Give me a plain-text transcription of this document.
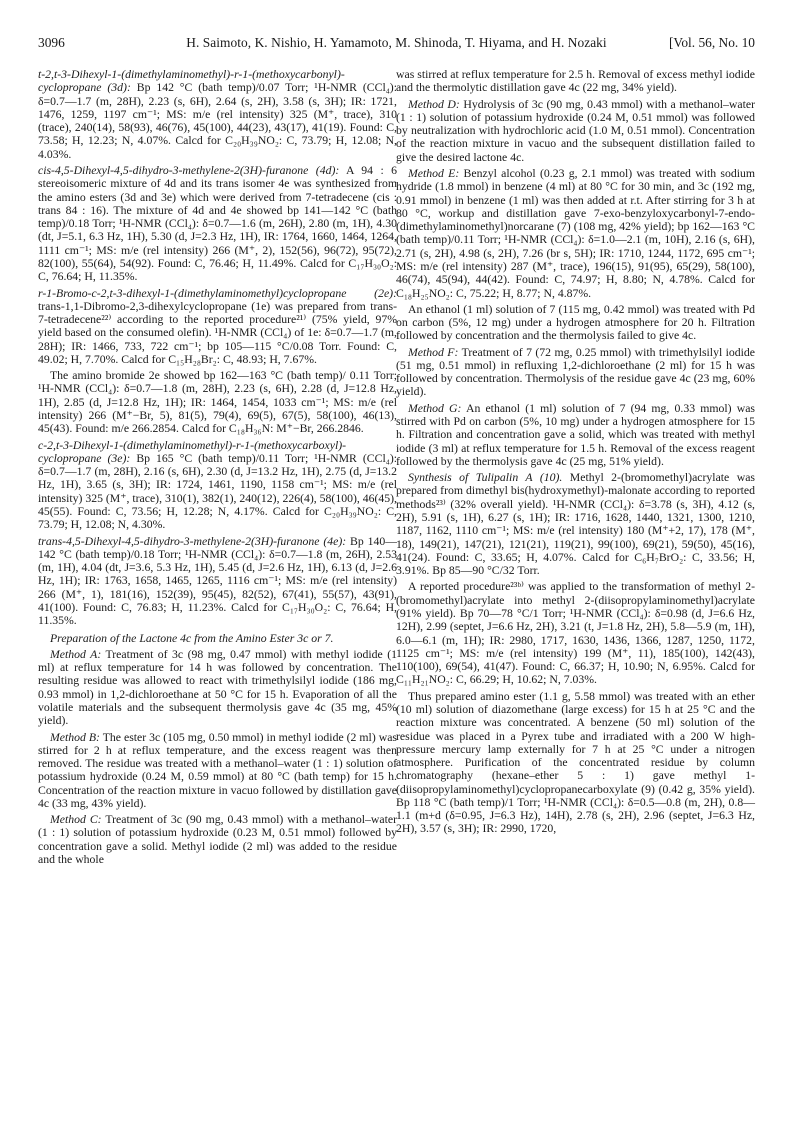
3096	H. Saimoto, K. Nishio, H. Yamamoto, M. Shinoda, T. Hiyama, and H. Nozaki	[Vol. 56, No. 10

t-2,t-3-Dihexyl-1-(dimethylaminomethyl)-r-1-(methoxycarbonyl)-cyclopropane (3d): Bp 142 °C (bath temp)/0.07 Torr; ¹H-NMR (CCl₄): δ=0.7—1.7 (m, 28H), 2.23 (s, 6H), 2.64 (s, 2H), 3.58 (s, 3H); IR: 1721, 1476, 1259, 1197 cm⁻¹; MS: m/e (rel intensity) 325 (M⁺, trace), 310 (trace), 240(14), 58(93), 46(76), 45(100), 44(23), 43(17), 41(19). Found: C, 73.58; H, 12.23; N, 4.07%. Calcd for C₂₀H₃₉NO₂: C, 73.79; H, 12.08; N, 4.03%.

cis-4,5-Dihexyl-4,5-dihydro-3-methylene-2(3H)-furanone (4d): A 94 : 6 stereoisomeric mixture of 4d and its trans isomer 4e was synthesized from the amino esters (3d and 3e) which were derived from 7-tetradecene (cis : trans 84 : 16). The mixture of 4d and 4e showed bp 141—142 °C (bath temp)/0.18 Torr; ¹H-NMR (CCl₄): δ=0.7—1.6 (m, 26H), 2.80 (m, 1H), 4.30 (dt, J=5.1, 6.3 Hz, 1H), 5.30 (d, J=2.3 Hz, 1H), IR: 1764, 1660, 1464, 1264, 1111 cm⁻¹; MS: m/e (rel intensity) 266 (M⁺, 2), 152(56), 96(72), 95(72), 82(100), 55(64), 54(92). Found: C, 76.46; H, 11.49%. Calcd for C₁₇H₃₀O₂: C, 76.64; H, 11.35%.

r-1-Bromo-c-2,t-3-dihexyl-1-(dimethylaminomethyl)cyclopropane (2e): trans-1,1-Dibromo-2,3-dihexylcyclopropane (1e) was prepared from trans-7-tetradecene²²⁾ according to the reported procedure²¹⁾ (75% yield, 97% yield based on the consumed olefin). ¹H-NMR (CCl₄) of 1e: δ=0.7—1.7 (m, 28H); IR: 1466, 733, 722 cm⁻¹; bp 105—115 °C/0.08 Torr. Found: C, 49.02; H, 7.70%. Calcd for C₁₅H₂₈Br₂: C, 48.93; H, 7.67%.

The amino bromide 2e showed bp 162—163 °C (bath temp)/ 0.11 Torr; ¹H-NMR (CCl₄): δ=0.7—1.8 (m, 28H), 2.23 (s, 6H), 2.28 (d, J=12.8 Hz, 1H), 2.85 (d, J=12.8 Hz, 1H); IR: 1464, 1454, 1033 cm⁻¹; MS: m/e (rel intensity) 266 (M⁺−Br, 5), 81(5), 79(4), 69(5), 67(5), 58(100), 46(13), 45(43). Found: m/e 266.2854. Calcd for C₁₈H₃₆N: M⁺−Br, 266.2846.

c-2,t-3-Dihexyl-1-(dimethylaminomethyl)-r-1-(methoxycarboxyl)-cyclopropane (3e): Bp 165 °C (bath temp)/0.11 Torr; ¹H-NMR (CCl₄): δ=0.7—1.7 (m, 28H), 2.16 (s, 6H), 2.30 (d, J=13.2 Hz, 1H), 2.75 (d, J=13.2 Hz, 1H), 3.65 (s, 3H); IR: 1724, 1461, 1190, 1158 cm⁻¹; MS: m/e (rel intensity) 325 (M⁺, trace), 310(1), 382(1), 240(12), 226(4), 58(100), 46(45), 45(55). Found: C, 73.56; H, 12.28; N, 4.17%. Calcd for C₂₀H₃₉NO₂: C, 73.79; H, 12.08; N, 4.30%.

trans-4,5-Dihexyl-4,5-dihydro-3-methylene-2(3H)-furanone (4e): Bp 140—142 °C (bath temp)/0.18 Torr; ¹H-NMR (CCl₄): δ=0.7—1.8 (m, 26H), 2.53 (m, 1H), 4.04 (dt, J=3.6, 5.3 Hz, 1H), 5.45 (d, J=2.6 Hz, 1H), 6.13 (d, J=2.6 Hz, 1H); IR: 1763, 1658, 1465, 1265, 1116 cm⁻¹; MS: m/e (rel intensity) 266 (M⁺, 1), 181(16), 152(39), 95(45), 82(52), 67(41), 55(57), 43(91), 41(100). Found: C, 76.83; H, 11.23%. Calcd for C₁₇H₃₀O₂: C, 76.64; H, 11.35%.

Preparation of the Lactone 4c from the Amino Ester 3c or 7.

Method A: Treatment of 3c (98 mg, 0.47 mmol) with methyl iodide (1 ml) at reflux temperature for 14 h was followed by concentration. The resulting residue was allowed to react with trimethylsilyl iodide (186 mg, 0.93 mmol) in 1,2-dichloroethane at 50 °C for 15 h. Evaporation of all the volatile materials and the subsequent thermolysis gave 4c (35 mg, 45% yield).

Method B: The ester 3c (105 mg, 0.50 mmol) in methyl iodide (2 ml) was stirred for 2 h at reflux temperature, and the excess reagent was then removed. The residue was treated with a methanol–water (1 : 1) solution of potassium hydroxide (0.24 M, 0.59 mmol) at 80 °C (bath temp) for 15 h. Concentration of the reaction mixture in vacuo followed by distillation gave 4c (33 mg, 43% yield).

Method C: Treatment of 3c (90 mg, 0.43 mmol) with a methanol–water (1 : 1) solution of potassium hydroxide (0.23 M, 0.51 mmol) followed by concentration gave a solid. Methyl iodide (2 ml) was added to the residue and the whole

was stirred at reflux temperature for 2.5 h. Removal of excess methyl iodide and the thermolytic distillation gave 4c (22 mg, 34% yield).

Method D: Hydrolysis of 3c (90 mg, 0.43 mmol) with a methanol–water (1 : 1) solution of potassium hydroxide (0.24 M, 0.51 mmol) was followed by neutralization with hydrochloric acid (1.0 M, 0.51 mmol). Concentration of the reaction mixture in vacuo and the subsequent distillation failed to give the desired lactone 4c.

Method E: Benzyl alcohol (0.23 g, 2.1 mmol) was treated with sodium hydride (1.8 mmol) in benzene (4 ml) at 80 °C for 30 min, and 3c (192 mg, 0.91 mmol) in benzene (1 ml) was then added at r.t. After stirring for 3 h at 80 °C, workup and distillation gave 7-exo-benzyloxycarbonyl-7-endo-(dimethylaminomethyl)norcarane (7) (108 mg, 42% yield); bp 162—163 °C (bath temp)/0.11 Torr; ¹H-NMR (CCl₄): δ=1.0—2.1 (m, 10H), 2.16 (s, 6H), 2.71 (s, 2H), 4.98 (s, 2H), 7.26 (br s, 5H); IR: 1710, 1244, 1172, 695 cm⁻¹; MS: m/e (rel intensity) 287 (M⁺, trace), 196(15), 91(95), 65(29), 58(100), 46(74), 45(94), 44(42). Found: C, 74.97; H, 8.80; N, 4.78%. Calcd for C₁₈H₂₅NO₂: C, 75.22; H, 8.77; N, 4.87%.

An ethanol (1 ml) solution of 7 (115 mg, 0.42 mmol) was treated with Pd on carbon (5%, 12 mg) under a hydrogen atmosphere for 20 h. Filtration followed by concentration and the thermolysis failed to give 4c.

Method F: Treatment of 7 (72 mg, 0.25 mmol) with trimethylsilyl iodide (51 mg, 0.51 mmol) in refluxing 1,2-dichloroethane (2 ml) for 15 h was followed by concentration. Thermolysis of the residue gave 4c (23 mg, 60% yield).

Method G: An ethanol (1 ml) solution of 7 (94 mg, 0.33 mmol) was stirred with Pd on carbon (5%, 10 mg) under a hydrogen atmosphere for 15 h. Filtration and concentration gave a solid, which was treated with methyl iodide (3 ml) at reflux temperature for 1.5 h. Removal of the excess reagent followed by the thermolysis gave 4c (25 mg, 51% yield).

Synthesis of Tulipalin A (10). Methyl 2-(bromomethyl)acrylate was prepared from dimethyl bis(hydroxymethyl)-malonate according to reported methods²³⁾ (32% overall yield). ¹H-NMR (CCl₄): δ=3.78 (s, 3H), 4.12 (s, 2H), 5.91 (s, 1H), 6.27 (s, 1H); IR: 1716, 1628, 1440, 1321, 1300, 1210, 1187, 1162, 1110 cm⁻¹; MS: m/e (rel intensity) 180 (M⁺+2, 17), 178 (M⁺, 18), 149(21), 147(21), 121(21), 119(21), 99(100), 69(21), 59(50), 45(16), 41(24). Found: C, 33.65; H, 4.07%. Calcd for C₆H₇BrO₂: C, 33.56; H, 3.91%. Bp 85—90 °C/32 Torr.

A reported procedure²³ᵇ⁾ was applied to the transformation of methyl 2-(bromomethyl)acrylate into methyl 2-(diisopropylaminomethyl)acrylate (91% yield). Bp 70—78 °C/1 Torr; ¹H-NMR (CCl₄): δ=0.98 (d, J=6.6 Hz, 12H), 2.99 (septet, J=6.6 Hz, 2H), 3.21 (t, J=1.8 Hz, 2H), 5.8—5.9 (m, 1H), 6.0—6.1 (m, 1H); IR: 2980, 1717, 1630, 1436, 1366, 1287, 1250, 1172, 1125 cm⁻¹; MS: m/e (rel intensity) 199 (M⁺, 11), 185(100), 142(43), 110(100), 69(54), 41(47). Found: C, 66.37; H, 10.90; N, 6.95%. Calcd for C₁₁H₂₁NO₂: C, 66.29; H, 10.62; N, 7.03%.

Thus prepared amino ester (1.1 g, 5.58 mmol) was treated with an ether (10 ml) solution of diazomethane (large excess) for 15 h at 25 °C and the reaction mixture was concentrated. A benzene (50 ml) solution of the residue was placed in a Pyrex tube and irradiated with a 200 W high-pressure mercury lamp externally for 7 h at 25 °C under a nitrogen atmosphere. Purification of the concentrated residue by column chromatography (hexane–ether 5 : 1) gave methyl 1-(diisopropylaminomethyl)cyclopropanecarboxylate (9) (0.42 g, 35% yield). Bp 118 °C (bath temp)/1 Torr; ¹H-NMR (CCl₄): δ=0.5—0.8 (m, 2H), 0.8—1.1 (m+d (δ=0.95, J=6.3 Hz), 14H), 2.78 (s, 2H), 2.96 (septet, J=6.3 Hz, 2H), 3.57 (s, 3H); IR: 2990, 1720,
